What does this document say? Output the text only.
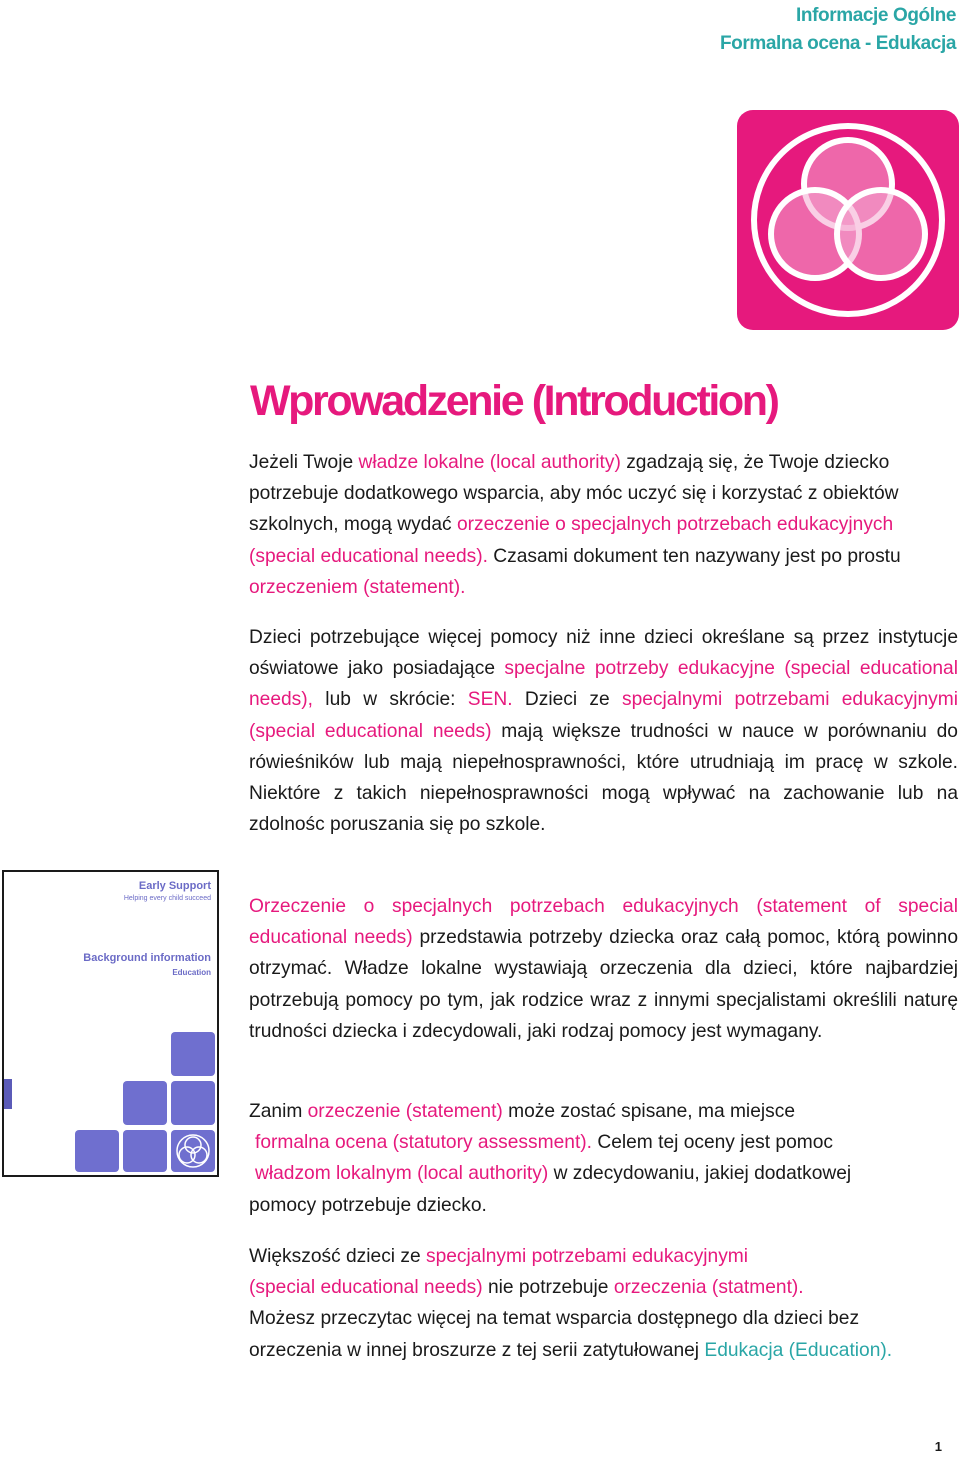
Informacje Ogólne
Formalna ocena - Edukacja
Wprowadzenie (Introduction)

Jeżeli Twoje władze lokalne (local authority) zgadzają się, że Twoje dziecko potrzebuje dodatkowego wsparcia, aby móc uczyć się i korzystać z obiektów szkolnych, mogą wydać orzeczenie o specjalnych potrzebach edukacyjnych (special educational needs). Czasami dokument ten nazywany jest po prostu orzeczeniem (statement).

Dzieci potrzebujące więcej pomocy niż inne dzieci określane są przez instytucje oświatowe jako posiadające specjalne potrzeby edukacyjne (special educational needs), lub w skrócie: SEN. Dzieci ze specjalnymi potrzebami edukacyjnymi (special educational needs) mają większe trudności w nauce w porównaniu do rówieśników lub mają niepełnosprawności, które utrudniają im pracę w szkole. Niektóre z takich niepełnosprawności mogą wpływać na zachowanie lub na zdolnośc poruszania się po szkole.

Orzeczenie o specjalnych potrzebach edukacyjnych (statement of special educational needs) przedstawia potrzeby dziecka oraz całą pomoc, którą powinno otrzymać. Władze lokalne wystawiają orzeczenia dla dzieci, które najbardziej potrzebują pomocy po tym, jak rodzice wraz z innymi specjalistami określili naturę trudności dziecka i zdecydowali, jaki rodzaj pomocy jest wymagany.

Zanim orzeczenie (statement) może zostać spisane, ma miejsce
formalna ocena (statutory assessment). Celem tej oceny jest pomoc
władzom lokalnym (local authority) w zdecydowaniu, jakiej dodatkowej
pomocy potrzebuje dziecko.
Większość dzieci ze specjalnymi potrzebami edukacyjnymi
(special educational needs) nie potrzebuje orzeczenia (statment).
Możesz przeczytac więcej na temat wsparcia dostępnego dla dzieci bez
orzeczenia w innej broszurze z tej serii zatytułowanej Edukacja (Education).
Early Support
Helping every child succeed
Background information
Education
1
